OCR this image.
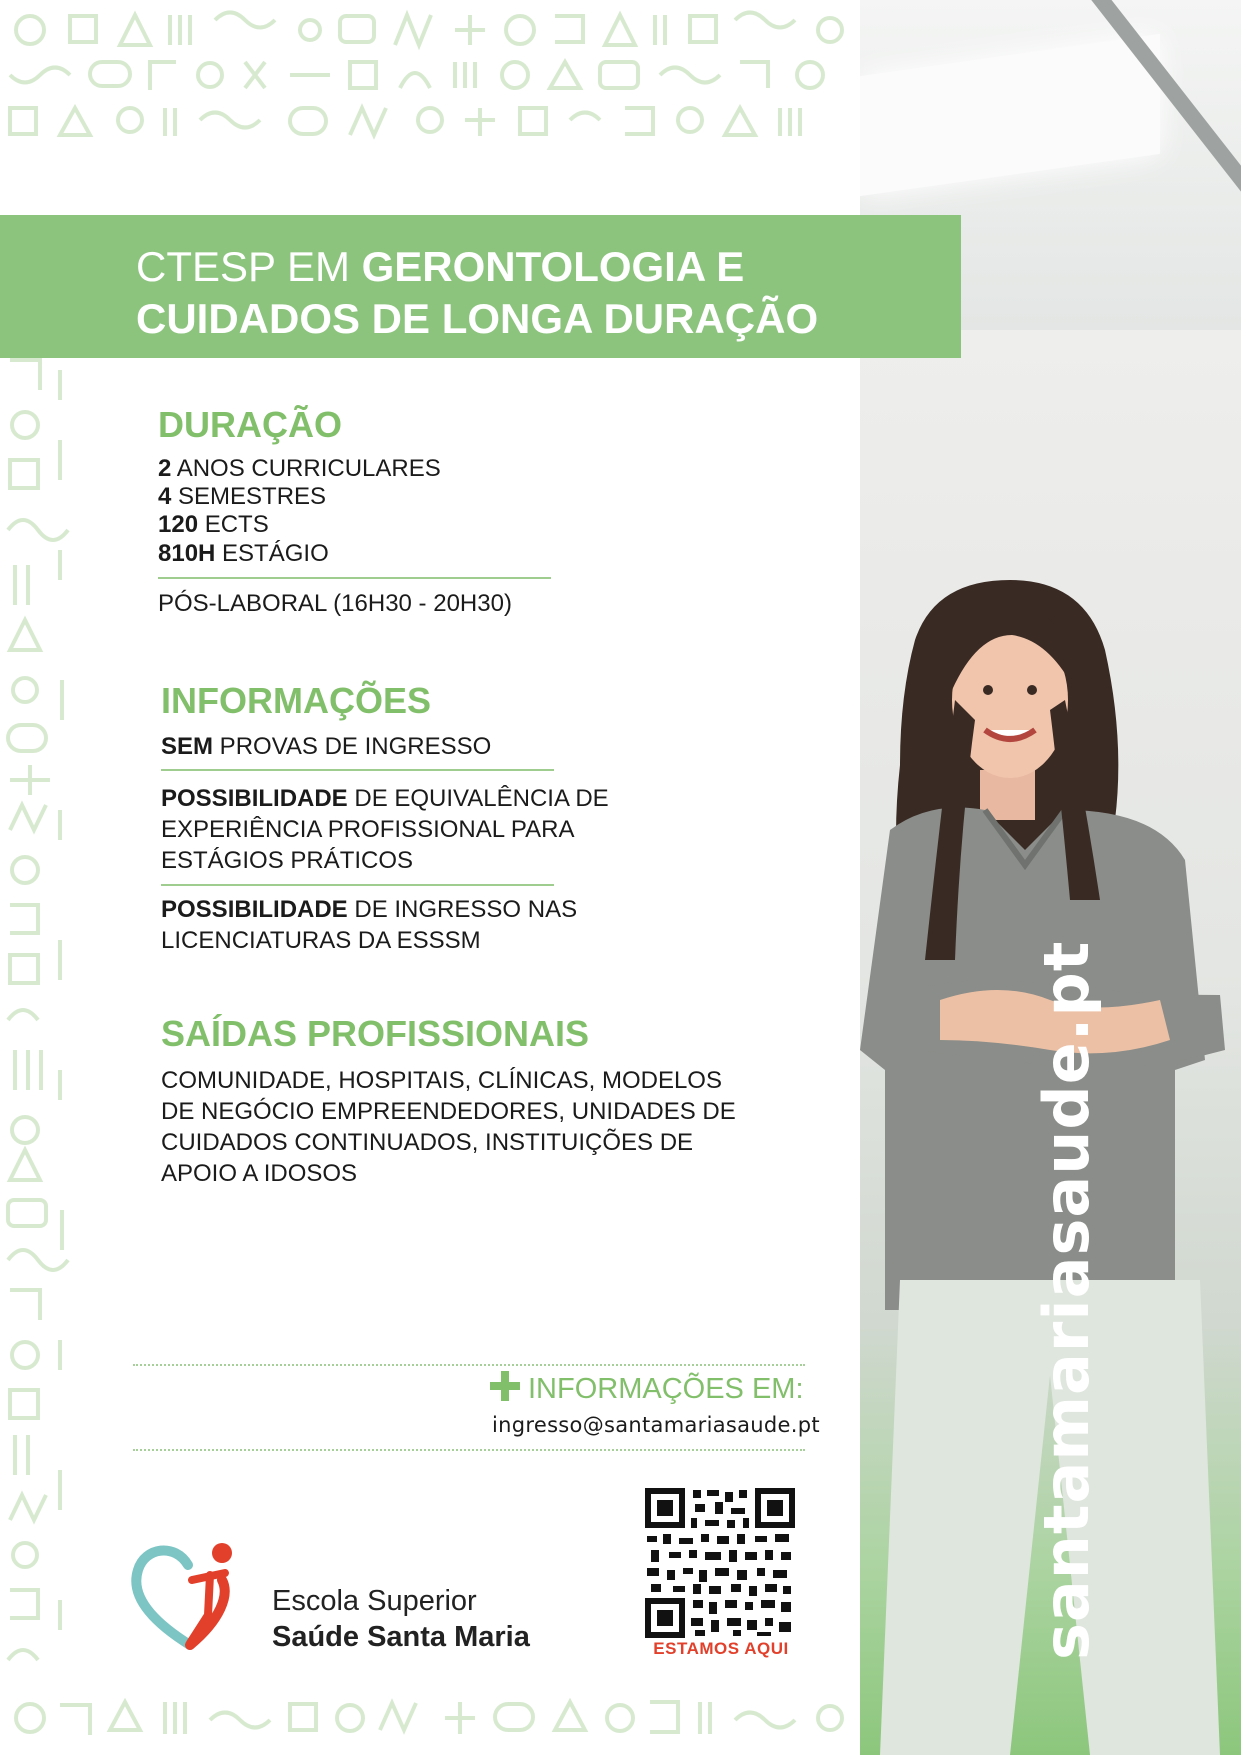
santamariasaude.pt
CTESP EM GERONTOLOGIA E
CUIDADOS DE LONGA DURAÇÃO
DURAÇÃO
2 ANOS CURRICULARES
4 SEMESTRES
120 ECTS
810H ESTÁGIO
PÓS-LABORAL (16H30 - 20H30)
INFORMAÇÕES
SEM PROVAS DE INGRESSO
POSSIBILIDADE DE EQUIVALÊNCIA DE
EXPERIÊNCIA PROFISSIONAL PARA
ESTÁGIOS PRÁTICOS
POSSIBILIDADE DE INGRESSO NAS
LICENCIATURAS DA ESSSM
SAÍDAS PROFISSIONAIS
COMUNIDADE, HOSPITAIS, CLÍNICAS, MODELOS
DE NEGÓCIO EMPREENDEDORES, UNIDADES DE
CUIDADOS CONTINUADOS, INSTITUIÇÕES DE
APOIO A IDOSOS
INFORMAÇÕES EM:
ingresso@santamariasaude.pt
Escola Superior
Saúde Santa Maria	ESTAMOS AQUI
